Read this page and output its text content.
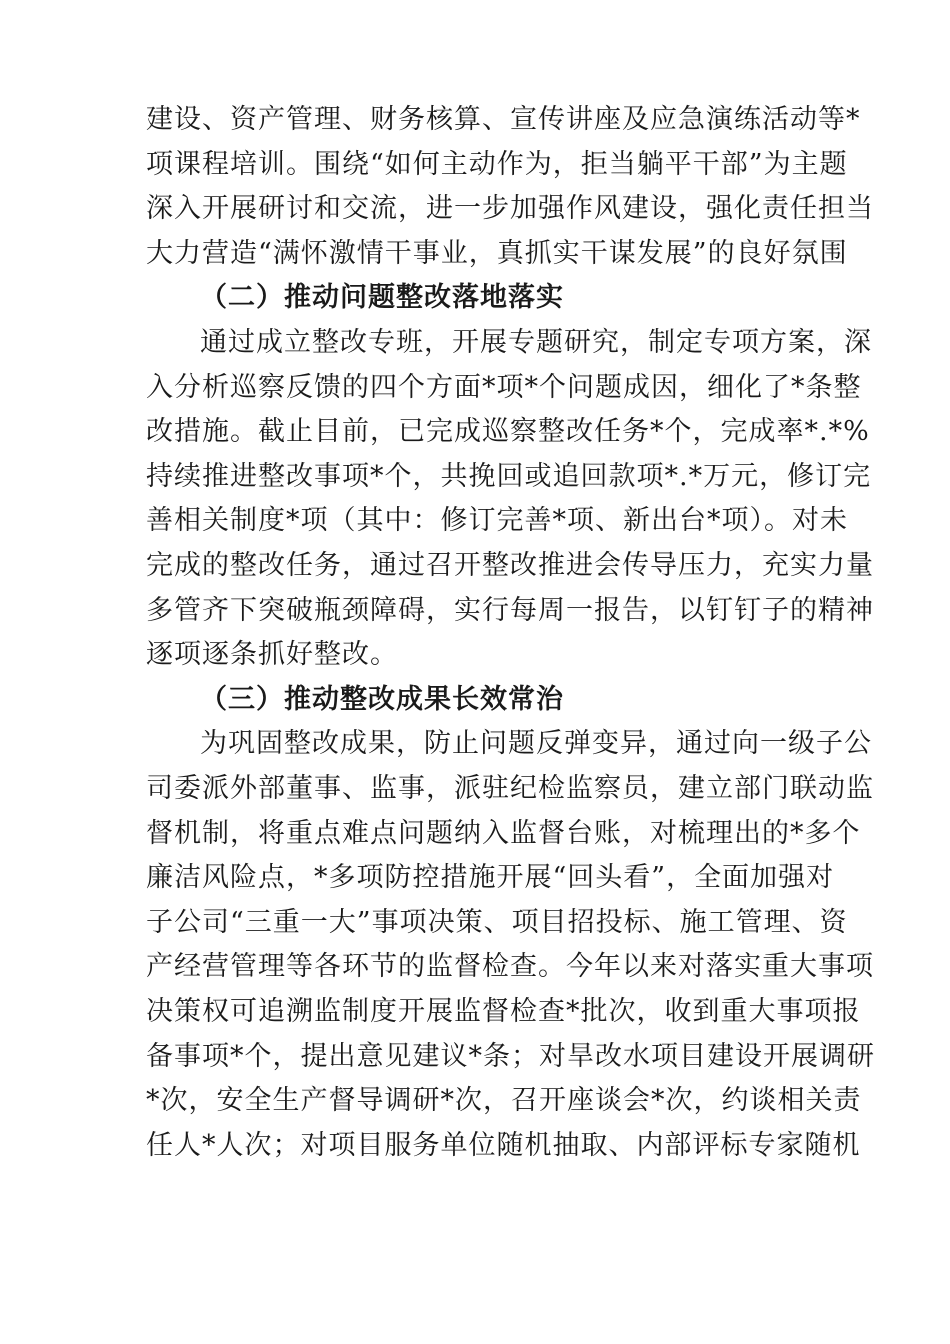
建设、资产管理、财务核算、宣传讲座及应急演练活动等*
项课程培训。围绕“如何主动作为，拒当躺平干部”为主题
深入开展研讨和交流，进一步加强作风建设，强化责任担当
大力营造“满怀激情干事业，真抓实干谋发展”的良好氛围
（二）推动问题整改落地落实
通过成立整改专班，开展专题研究，制定专项方案，深
入分析巡察反馈的四个方面*项*个问题成因，细化了*条整
改措施。截止目前，已完成巡察整改任务*个，完成率*.*%
持续推进整改事项*个，共挽回或追回款项*.*万元，修订完
善相关制度*项（其中：修订完善*项、新出台*项）。对未
完成的整改任务，通过召开整改推进会传导压力，充实力量
多管齐下突破瓶颈障碍，实行每周一报告，以钉钉子的精神
逐项逐条抓好整改。
（三）推动整改成果长效常治
为巩固整改成果，防止问题反弹变异，通过向一级子公
司委派外部董事、监事，派驻纪检监察员，建立部门联动监
督机制，将重点难点问题纳入监督台账，对梳理出的*多个
廉洁风险点，*多项防控措施开展“回头看”，全面加强对
子公司“三重一大”事项决策、项目招投标、施工管理、资
产经营管理等各环节的监督检查。今年以来对落实重大事项
决策权可追溯监制度开展监督检查*批次，收到重大事项报
备事项*个，提出意见建议*条；对旱改水项目建设开展调研
*次，安全生产督导调研*次，召开座谈会*次，约谈相关责
任人*人次；对项目服务单位随机抽取、内部评标专家随机
